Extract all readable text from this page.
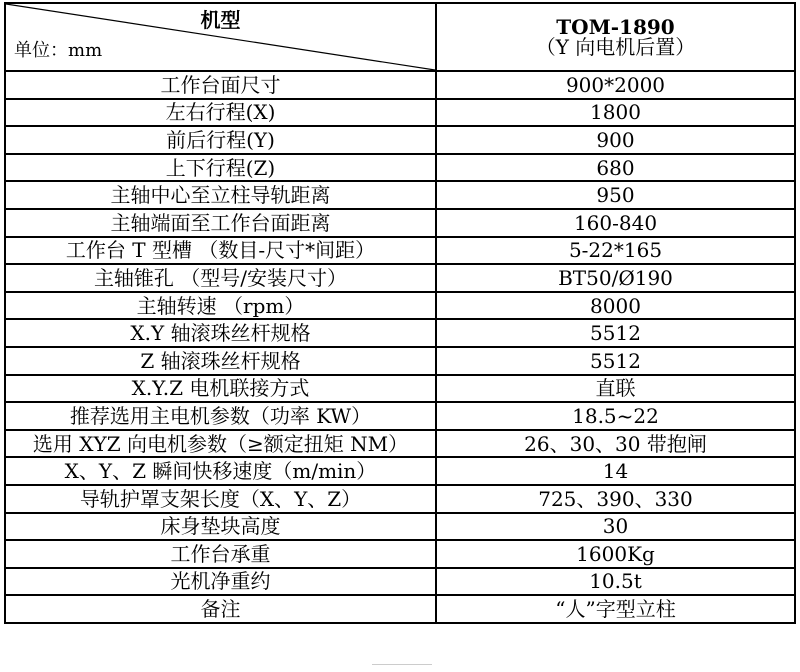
机型
单位：mm	TOM-1890
（Y 向电机后置）

工作台面尺寸	900*2000
左右行程(X)	1800
前后行程(Y)	900
上下行程(Z)	680
主轴中心至立柱导轨距离	950
主轴端面至工作台面距离	160-840
工作台 T 型槽 （数目-尺寸*间距）	5-22*165
主轴锥孔 （型号/安装尺寸）	BT50/Ø190
主轴转速 （rpm）	8000
X.Y 轴滚珠丝杆规格	5512
Z 轴滚珠丝杆规格	5512
X.Y.Z 电机联接方式	直联
推荐选用主电机参数（功率 KW）	18.5~22
选用 XYZ 向电机参数（≥额定扭矩 NM）	26、30、30 带抱闸
X、Y、Z 瞬间快移速度（m/min）	14
导轨护罩支架长度（X、Y、Z）	725、390、330
床身垫块高度	30
工作台承重	1600Kg
光机净重约	10.5t
备注	“人”字型立柱
